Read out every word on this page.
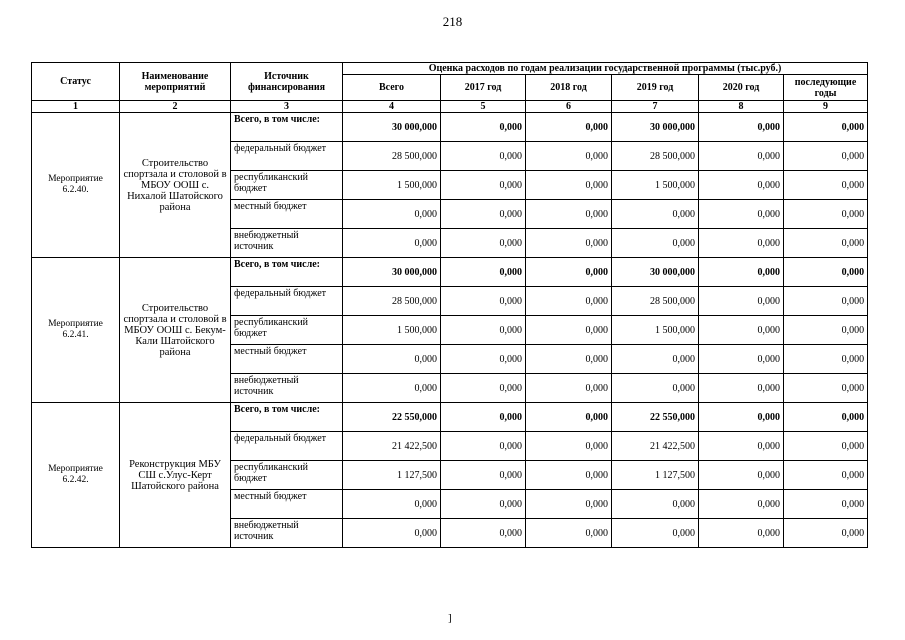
218
Статус	Наименование мероприятий	Источник финансирования	Оценка расходов по годам реализации государственной программы (тыс.руб.)					
			Всего	2017 год	2018 год	2019 год	2020 год	последующие годы
1	2	3	4	5	6	7	8	9
Мероприятие 6.2.40.	Строительство спортзала и столовой в МБОУ ООШ с. Нихалой Шатойского района	Всего, в том числе:	30 000,000	0,000	0,000	30 000,000	0,000	0,000
		федеральный бюджет	28 500,000	0,000	0,000	28 500,000	0,000	0,000
		республиканский бюджет	1 500,000	0,000	0,000	1 500,000	0,000	0,000
		местный бюджет	0,000	0,000	0,000	0,000	0,000	0,000
		внебюджетный источник	0,000	0,000	0,000	0,000	0,000	0,000
Мероприятие 6.2.41.	Строительство спортзала и столовой в МБОУ ООШ с. Бекум-Кали Шатойского района	Всего, в том числе:	30 000,000	0,000	0,000	30 000,000	0,000	0,000
		федеральный бюджет	28 500,000	0,000	0,000	28 500,000	0,000	0,000
		республиканский бюджет	1 500,000	0,000	0,000	1 500,000	0,000	0,000
		местный бюджет	0,000	0,000	0,000	0,000	0,000	0,000
		внебюджетный источник	0,000	0,000	0,000	0,000	0,000	0,000
Мероприятие 6.2.42.	Реконструкция МБУ СШ с.Улус-Керт Шатойского района	Всего, в том числе:	22 550,000	0,000	0,000	22 550,000	0,000	0,000
		федеральный бюджет	21 422,500	0,000	0,000	21 422,500	0,000	0,000
		республиканский бюджет	1 127,500	0,000	0,000	1 127,500	0,000	0,000
		местный бюджет	0,000	0,000	0,000	0,000	0,000	0,000
		внебюджетный источник	0,000	0,000	0,000	0,000	0,000	0,000
]
